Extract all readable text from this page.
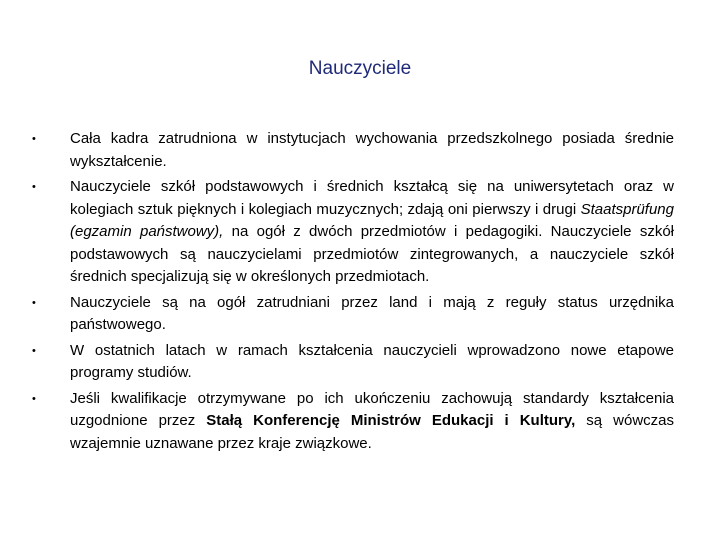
Nauczyciele
• Cała kadra zatrudniona w instytucjach wychowania przedszkolnego posiada średnie wykształcenie.
• Nauczyciele szkół podstawowych i średnich kształcą się na uniwersytetach oraz w kolegiach sztuk pięknych i kolegiach muzycznych; zdają oni pierwszy i drugi Staatsprüfung (egzamin państwowy), na ogół z dwóch przedmiotów i pedagogiki. Nauczyciele szkół podstawowych są nauczycielami przedmiotów zintegrowanych, a nauczyciele szkół średnich specjalizują się w określonych przedmiotach.
• Nauczyciele są na ogół zatrudniani przez land i mają z reguły status urzędnika państwowego.
• W ostatnich latach w ramach kształcenia nauczycieli wprowadzono nowe etapowe programy studiów.
• Jeśli kwalifikacje otrzymywane po ich ukończeniu zachowują standardy kształcenia uzgodnione przez Stałą Konferencję Ministrów Edukacji i Kultury, są wówczas wzajemnie uznawane przez kraje związkowe.
